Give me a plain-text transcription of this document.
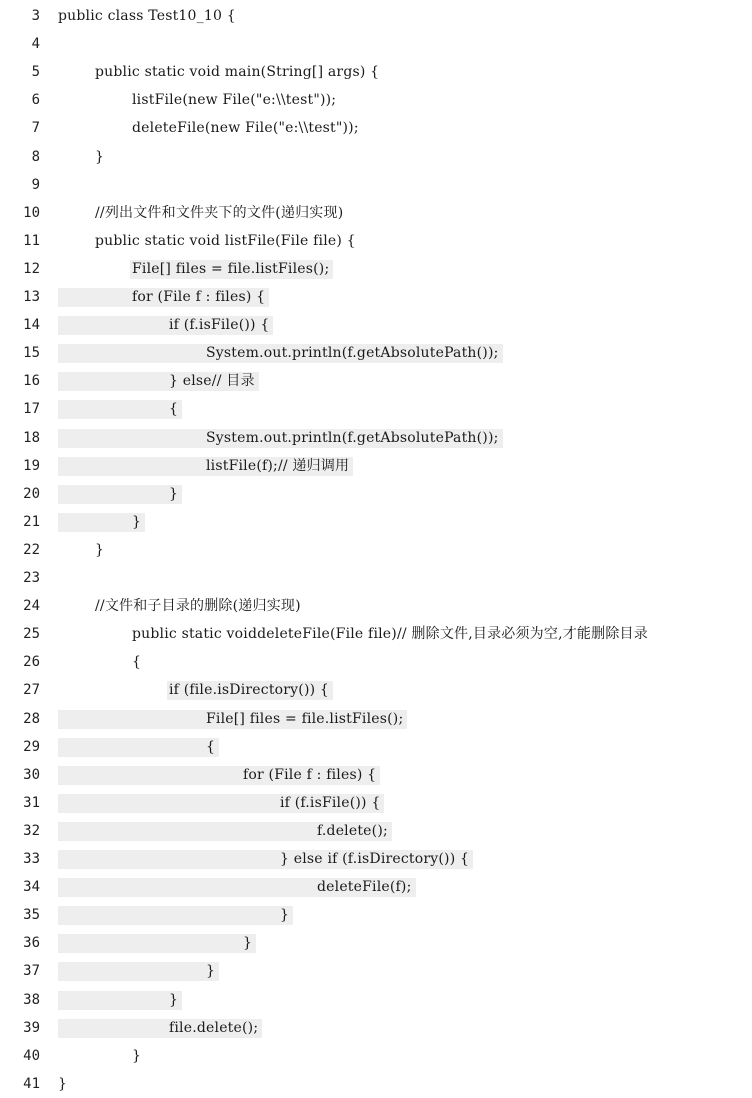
public class Test10_10 {
3
4
public static void main(String[] args) {
5
listFile(new File("e:\\test"));
6
deleteFile(new File("e:\\test"));
7
}
8
9
//列出文件和文件夹下的文件(递归实现)
10
public static void listFile(File file) {
11
File[] files = file.listFiles();
12
for (File f : files) {
13
if (f.isFile()) {
14
System.out.println(f.getAbsolutePath());
15
} else// 目录
16
{
17
System.out.println(f.getAbsolutePath());
18
listFile(f);// 递归调用
19
}
20
}
21
}
22
23
//文件和子目录的删除(递归实现)
24
public static voiddeleteFile(File file)// 删除文件,目录必须为空,才能删除目录
25
{
26
if (file.isDirectory()) {
27
File[] files = file.listFiles();
28
{
29
for (File f : files) {
30
if (f.isFile()) {
31
f.delete();
32
} else if (f.isDirectory()) {
33
deleteFile(f);
34
}
35
}
36
}
37
}
38
file.delete();
39
}
40
}
41
